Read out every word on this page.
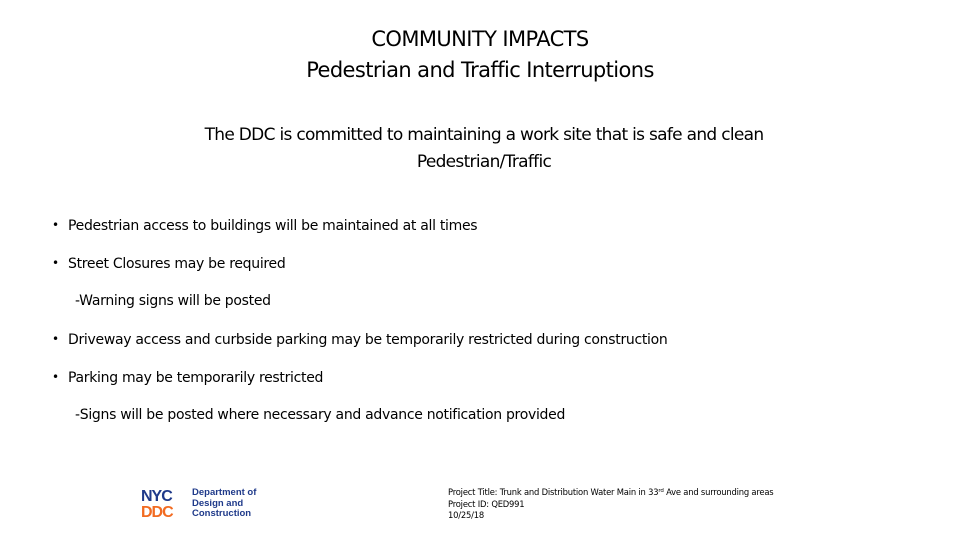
COMMUNITY IMPACTS
Pedestrian and Traffic Interruptions
The DDC is committed to maintaining a work site that is safe and clean
Pedestrian/Traffic
• Pedestrian access to buildings will be maintained at all times
• Street Closures may be required
-Warning signs will be posted
• Driveway access and curbside parking may be temporarily restricted during construction
• Parking may be temporarily restricted
-Signs will be posted where necessary and advance notification provided
NYC
DDC
Department of
Design and
Construction
Project Title: Trunk and Distribution Water Main in 33rd Ave and surrounding areas
Project ID: QED991
10/25/18
